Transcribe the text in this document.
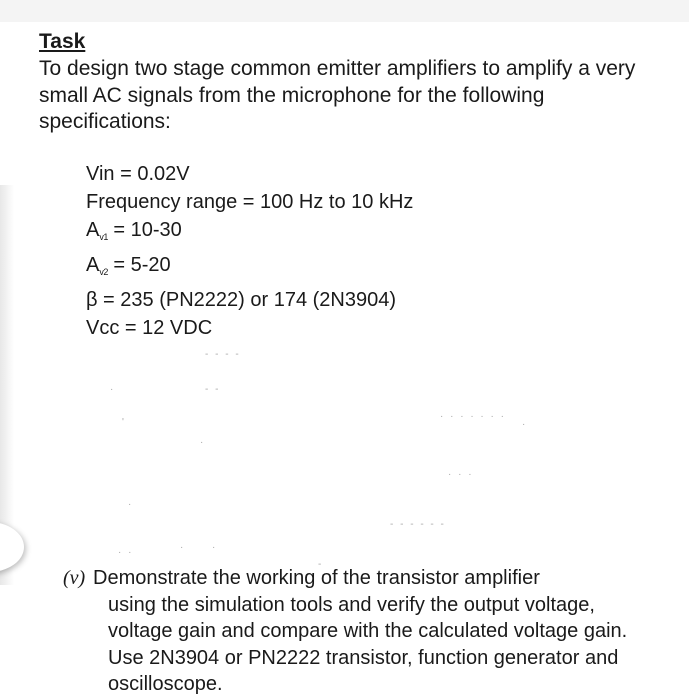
Task
To design two stage common emitter amplifiers to amplify a very small AC signals from the microphone for the following specifications:
Vin = 0.02V
Frequency range = 100 Hz to 10 kHz
$A_{v1} = 10-30$
$A_{v2} = 5-20$
β = 235 (PN2222) or 174 (2N3904)
Vcc = 12 VDC
- - - -
·	- -
'
· · · · · · ·
·
·
· · ·
·
- - - - - -
· ·	·	·
-
(v) Demonstrate the working of the transistor amplifier
using the simulation tools and verify the output voltage, voltage gain and compare with the calculated voltage gain. Use 2N3904 or PN2222 transistor, function generator and oscilloscope.
